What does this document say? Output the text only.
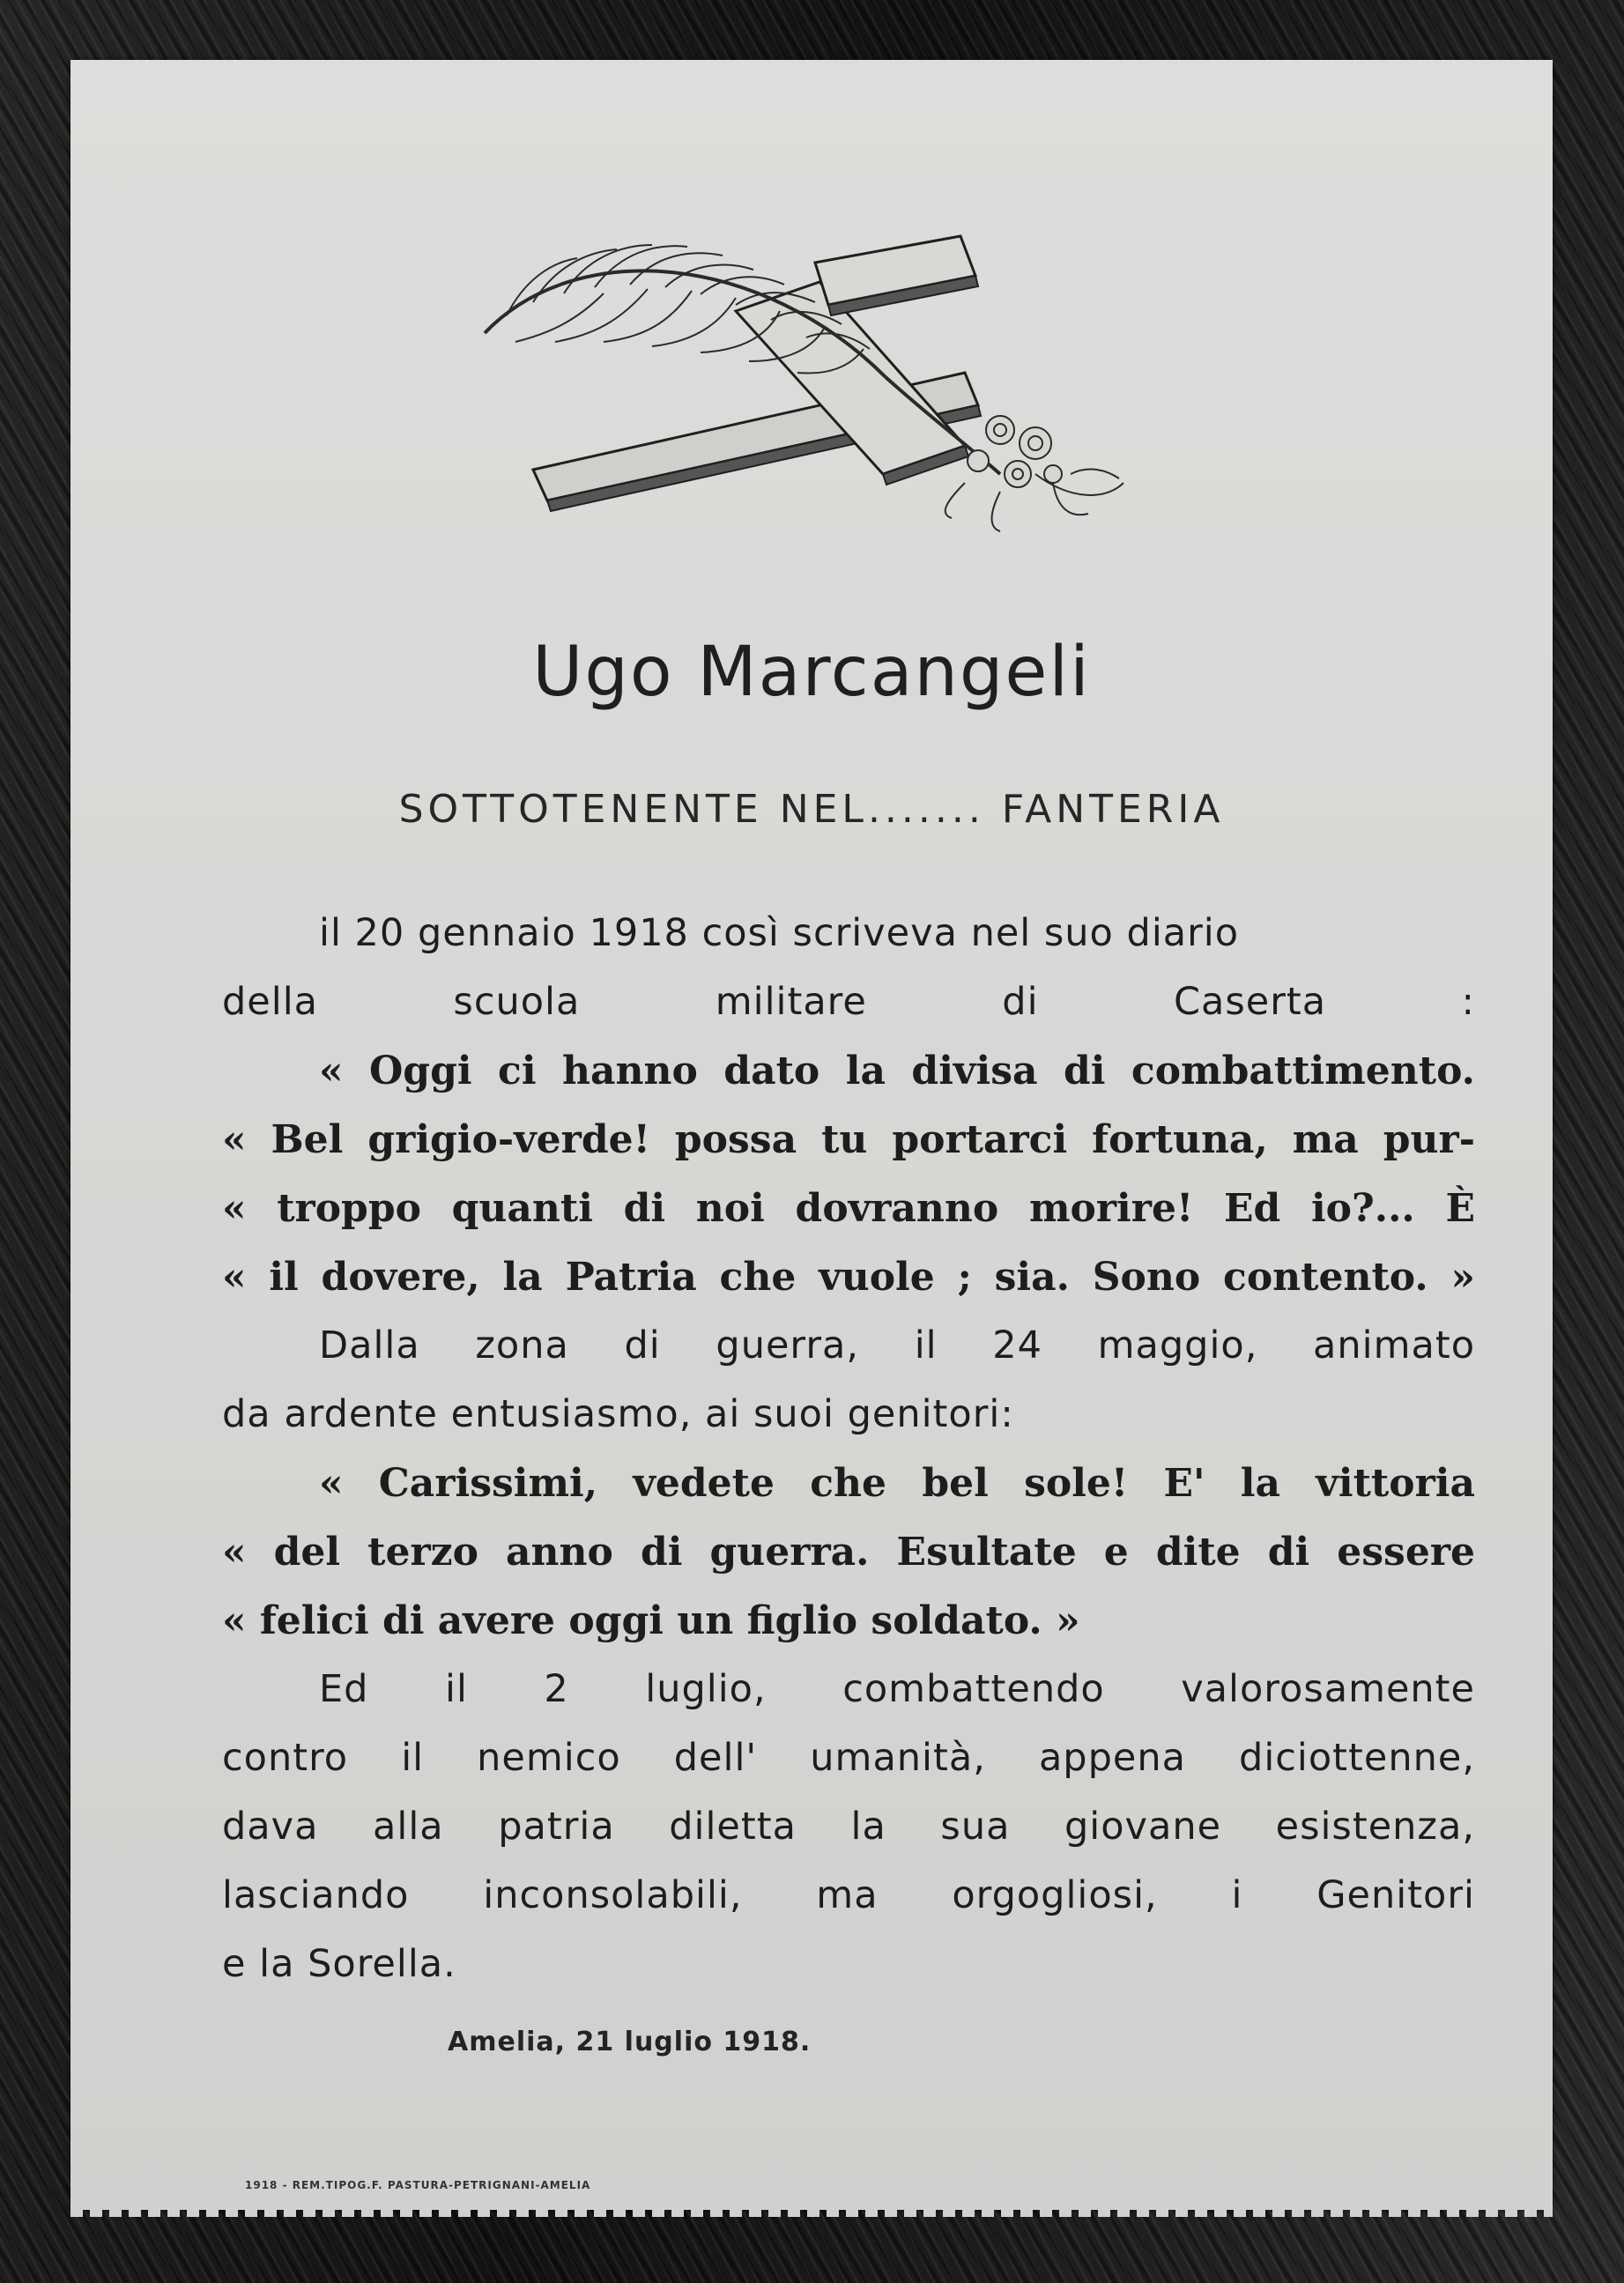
Ugo Marcangeli
SOTTOTENENTE NEL....... FANTERIA
il 20 gennaio 1918 così scriveva nel suo diario
della scuola militare di Caserta :
« Oggi ci hanno dato la divisa di combattimento.
« Bel grigio-verde! possa tu portarci fortuna, ma pur-
« troppo quanti di noi dovranno morire! Ed io?... È
« il dovere, la Patria che vuole ; sia. Sono contento. »
Dalla zona di guerra, il 24 maggio, animato
da ardente entusiasmo, ai suoi genitori:
« Carissimi, vedete che bel sole! E' la vittoria
« del terzo anno di guerra. Esultate e dite di essere
« felici di avere oggi un figlio soldato. »
Ed il 2 luglio, combattendo valorosamente
contro il nemico dell' umanità, appena diciottenne,
dava alla patria diletta la sua giovane esistenza,
lasciando inconsolabili, ma orgogliosi, i Genitori
e la Sorella.
Amelia, 21 luglio 1918.
1918 - REM.TIPOG.F. PASTURA-PETRIGNANI-AMELIA
